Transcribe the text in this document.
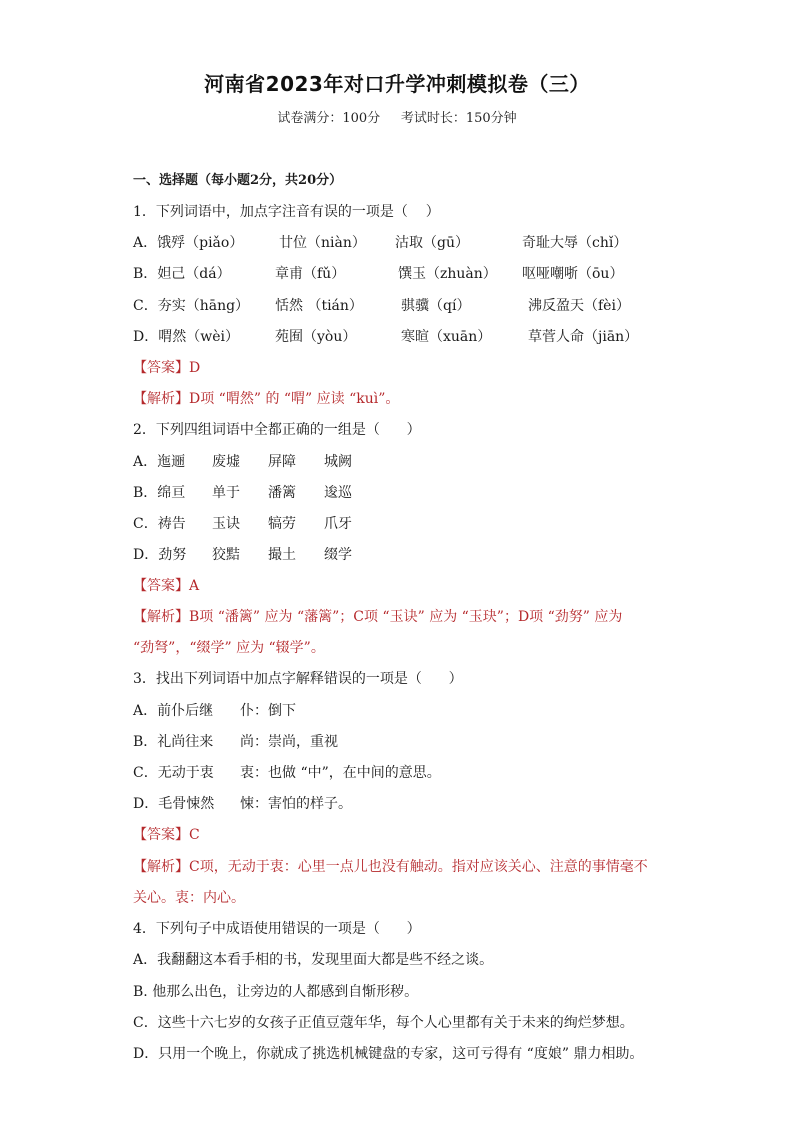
河南省2023年对口升学冲刺模拟卷（三）
试卷满分：100分     考试时长：150分钟
一、选择题（每小题2分，共20分）
1．下列词语中，加点字注音有误的一项是（    ）

A．饿殍（piǎo）

	廿位（niàn）

沽取（gū）

	奇耻大辱（chǐ）

B．妲己（dá）

	章甫（fǔ）

	馔玉（zhuàn）

呕哑嘲哳（ōu）

C．夯实（hāng）

恬然 （tián）

	骐骥（qí）

	沸反盈天（fèi）

D．喟然（wèi）

	苑囿（yòu）

	寒暄（xuān）

	草菅人命（jiān）

【答案】D
【解析】D项 “喟然” 的 “喟” 应读 “kuì”。
2．下列四组词语中全都正确的一组是（      ）

A．迤逦

废墟

屏障

城阙

B．绵亘

单于

潘篱

逡巡

C．祷告

玉诀

犒劳

爪牙

D．劲努

狡黠

撮土

缀学

【答案】A
【解析】B项 “潘篱” 应为 “藩篱”；C项 “玉诀” 应为 “玉玦”；D项 “劲努” 应为
“劲弩”，“缀学” 应为 “辍学”。
3．找出下列词语中加点字解释错误的一项是（      ）

A．前仆后继

仆：倒下

B．礼尚往来

尚：崇尚，重视

C．无动于衷

衷：也做 “中”，在中间的意思。

D．毛骨悚然

悚：害怕的样子。

【答案】C
【解析】C项，无动于衷：心里一点儿也没有触动。指对应该关心、注意的事情毫不
关心。衷：内心。
4．下列句子中成语使用错误的一项是（      ）
A．我翻翻这本看手相的书，发现里面大都是些不经之谈。
B. 他那么出色，让旁边的人都感到自惭形秽。
C．这些十六七岁的女孩子正值豆蔻年华，每个人心里都有关于未来的绚烂梦想。
D．只用一个晚上，你就成了挑选机械键盘的专家，这可亏得有 “度娘” 鼎力相助。
